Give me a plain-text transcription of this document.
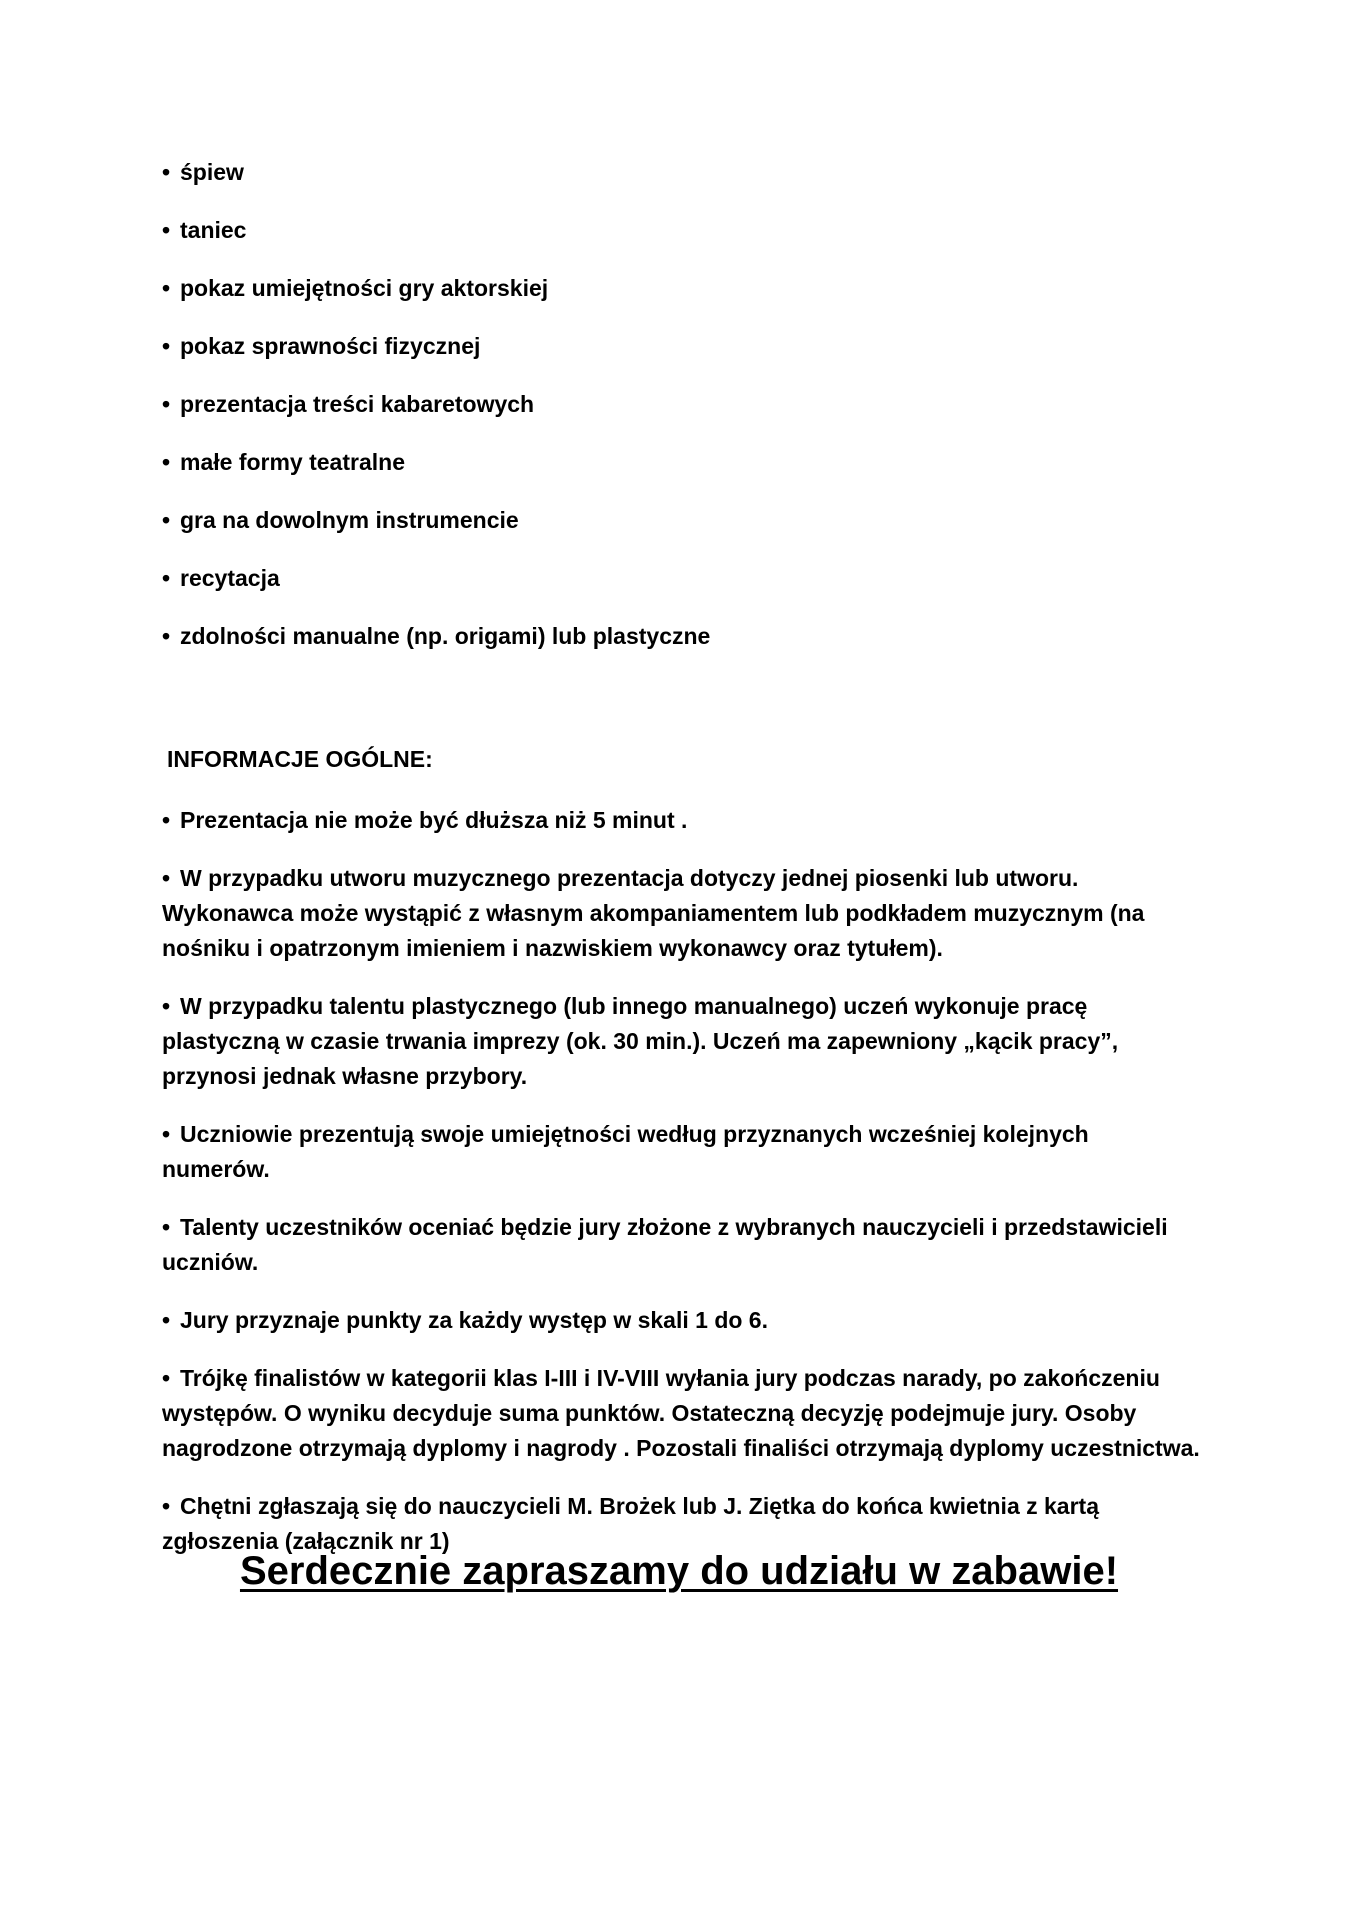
• śpiew
• taniec
• pokaz umiejętności gry aktorskiej
• pokaz sprawności fizycznej
• prezentacja treści kabaretowych
• małe formy teatralne
• gra na dowolnym instrumencie
• recytacja
• zdolności manualne (np. origami) lub plastyczne
INFORMACJE OGÓLNE:
• Prezentacja nie może być dłuższa niż 5 minut .
• W przypadku utworu muzycznego prezentacja dotyczy jednej piosenki lub utworu. Wykonawca może wystąpić z własnym akompaniamentem lub podkładem muzycznym (na nośniku i opatrzonym imieniem i nazwiskiem wykonawcy oraz tytułem).
• W przypadku talentu plastycznego (lub innego manualnego) uczeń wykonuje pracę plastyczną w czasie trwania imprezy (ok. 30 min.). Uczeń ma zapewniony „kącik pracy”, przynosi jednak własne przybory.
• Uczniowie prezentują swoje umiejętności według przyznanych wcześniej kolejnych numerów.
• Talenty uczestników oceniać będzie jury złożone z wybranych nauczycieli i przedstawicieli uczniów.
• Jury przyznaje punkty za każdy występ w skali 1 do 6.
• Trójkę finalistów w kategorii klas I-III i IV-VIII wyłania jury podczas narady, po zakończeniu występów. O wyniku decyduje suma punktów. Ostateczną decyzję podejmuje jury. Osoby nagrodzone otrzymają dyplomy i nagrody . Pozostali finaliści otrzymają dyplomy uczestnictwa.
• Chętni zgłaszają się do nauczycieli M. Brożek lub J. Ziętka do końca kwietnia z kartą zgłoszenia (załącznik nr 1)

Serdecznie zapraszamy do udziału w zabawie!
